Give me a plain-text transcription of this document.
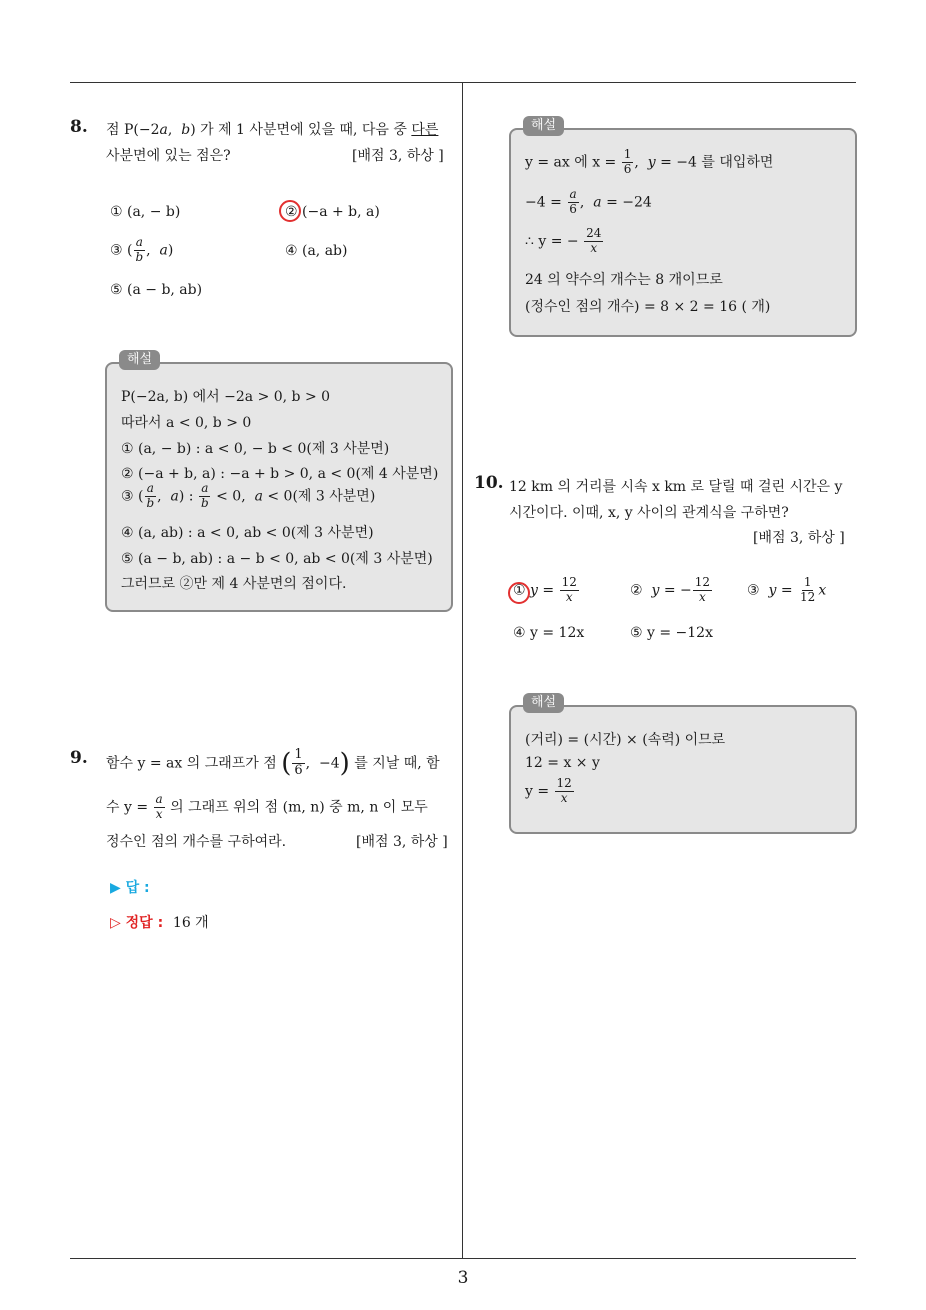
8. 점 P(−2a,  b) 가 제 1 사분면에 있을 때, 다음 중 다른
사분면에 있는 점은?	[배점 3, 하상 ]
① (a, − b)	② (−a + b, a)
③ ( $\frac{a}{b}$ ,  a)	④ (a, ab)
⑤ (a − b, ab)
해설
P(−2a, b) 에서 −2a > 0, b > 0
따라서 a < 0, b > 0
① (a, − b) : a < 0, − b < 0(제 3 사분면)
② (−a + b, a) : −a + b > 0, a < 0(제 4 사분면)
③ ( $\frac{a}{b}$ ,  a) : $\frac{a}{b} < 0$,  a < 0(제 3 사분면)
④ (a, ab) : a < 0, ab < 0(제 3 사분면)
⑤ (a − b, ab) : a − b < 0, ab < 0(제 3 사분면)
그러므로 ②만 제 4 사분면의 점이다.
9. 함수 y = ax 의 그래프가 점 ( $\frac{1}{6}$ ,  −4) 를 지날 때, 함
수 $y = \frac{a}{x}$ 의 그래프 위의 점 (m, n) 중 m, n 이 모두
정수인 점의 개수를 구하여라.	[배점 3, 하상 ]
▶ 답 :
▷ 정답 : 16 개
해설
y = ax 에 $x = \frac{1}{6}$ ,  y = −4 를 대입하면
$-4 = \frac{a}{6}$ ,  a = −24
∴ y = − $\frac{24}{x}$
24 의 약수의 개수는 8 개이므로
(정수인 점의 개수) = 8 × 2 = 16 ( 개)
10. 12 km 의 거리를 시속 x km 로 달릴 때 걸린 시간은 y
시간이다. 이때, x, y 사이의 관계식을 구하면?
[배점 3, 하상 ]
① $y = \frac{12}{x}$	② y = − $\frac{12}{x}$ ③ $y = \frac{1}{12}$ x
④ y = 12x	⑤ y = −12x
해설
(거리) = (시간) × (속력) 이므로
12 = x × y
$y = \frac{12}{x}$
3
